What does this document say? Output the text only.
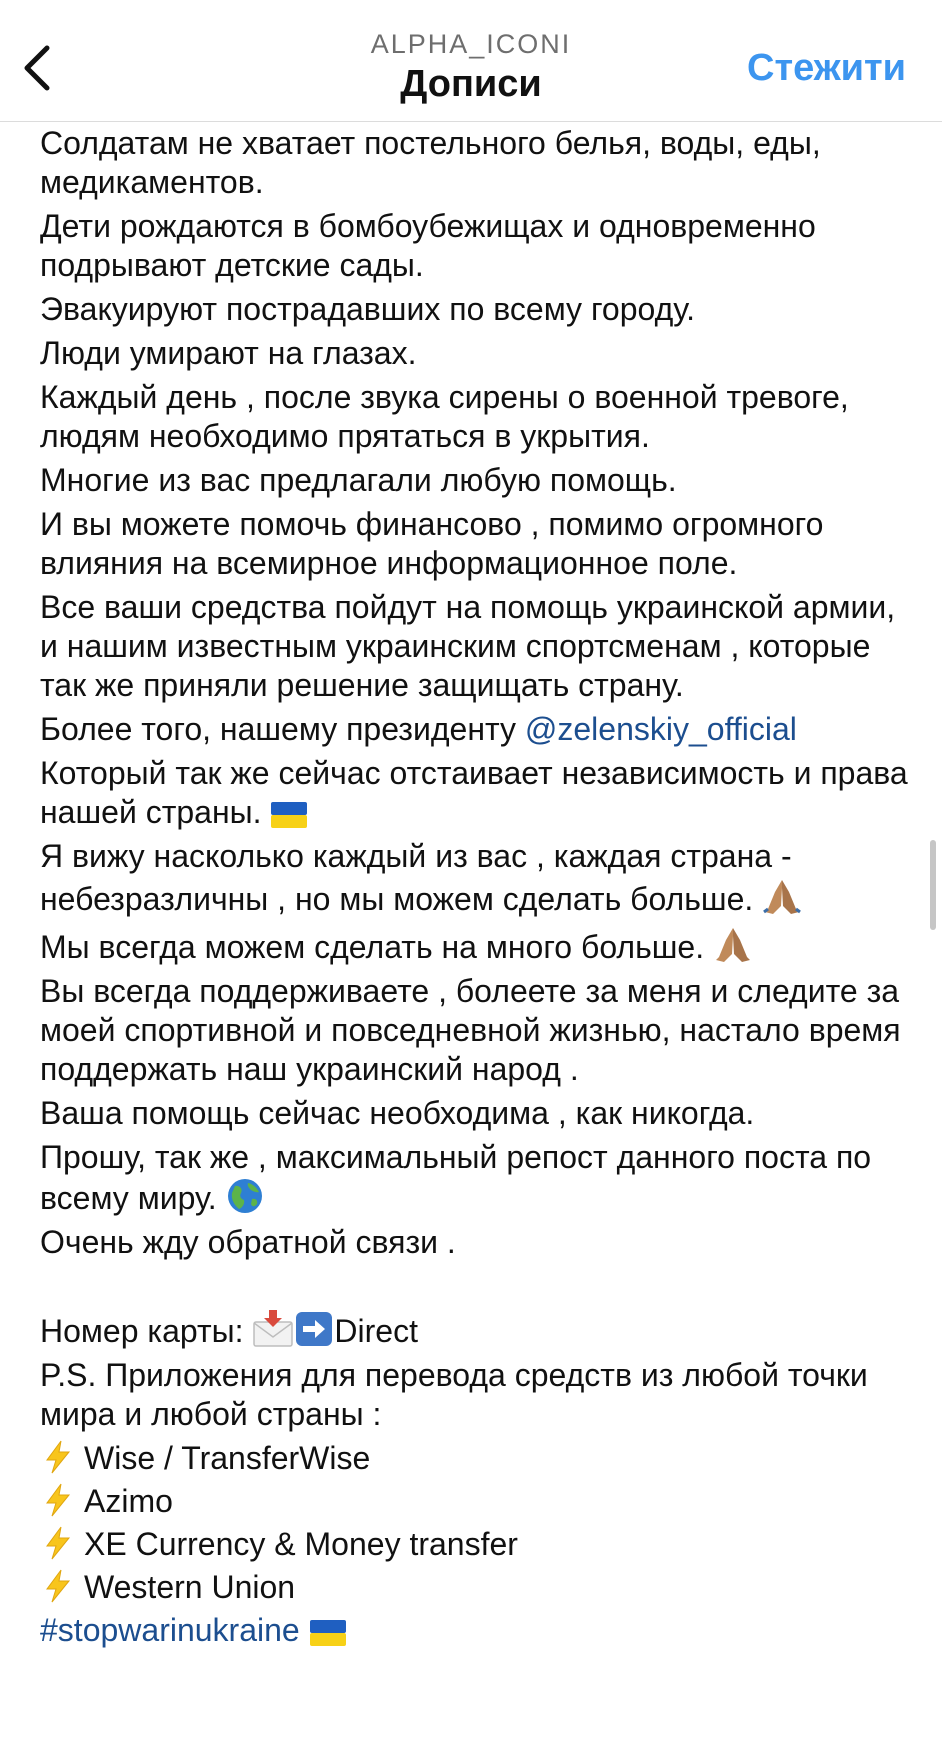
ALPHA_ICONI
Дописи	Стежити
Солдатам не хватает постельного белья, воды, еды, медикаментов.
Дети рождаются в бомбоубежищах и одновременно подрывают детские сады.
Эвакуируют пострадавших по всему городу.
Люди умирают на глазах.
Каждый день , после звука сирены о военной тревоге, людям необходимо прятаться в укрытия.
Многие из вас предлагали любую помощь.
И вы можете помочь финансово , помимо огромного влияния на всемирное информационное поле.
Все ваши средства пойдут на помощь украинской армии, и нашим известным украинским спортсменам , которые так же приняли решение защищать страну.
Более того, нашему президенту @zelenskiy_official
Который так же сейчас отстаивает независимость и права нашей страны.
Я вижу насколько каждый из вас , каждая страна - небезразличны , но мы можем сделать больше.
Мы всегда можем сделать на много больше.
Вы всегда поддерживаете , болеете за меня и следите за моей спортивной и повседневной жизнью, настало время поддержать наш украинский народ .
Ваша помощь сейчас необходима , как никогда.
Прошу, так же , максимальный репост данного поста по всему миру.
Очень жду обратной связи .
Номер карты:	Direct
P.S. Приложения для перевода средств из любой точки мира и любой страны :
Wise / TransferWise
Azimo
XE Currency & Money transfer
Western Union
#stopwarinukraine
